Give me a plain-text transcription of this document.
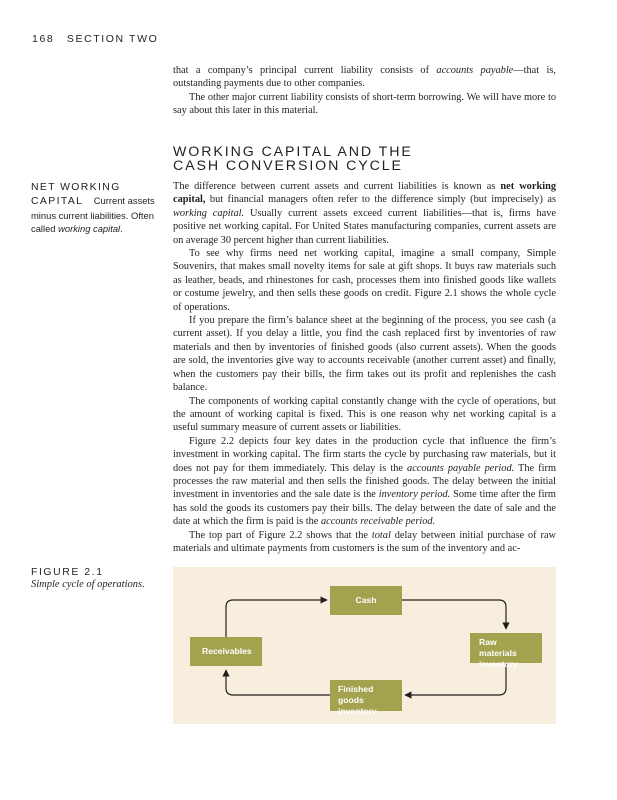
168 SECTION TWO

that a company’s principal current liability consists of accounts payable—that is, outstanding payments due to other companies.

The other major current liability consists of short-term borrowing. We will have more to say about this later in this material.

WORKING CAPITAL AND THE
CASH CONVERSION CYCLE
NET WORKING CAPITAL Current assets minus current liabilities. Often called working capital.

The difference between current assets and current liabilities is known as net working capital, but financial managers often refer to the difference simply (but imprecisely) as working capital. Usually current assets exceed current liabilities—that is, firms have positive net working capital. For United States manufacturing companies, current assets are on average 30 percent higher than current liabilities.

To see why firms need net working capital, imagine a small company, Simple Souvenirs, that makes small novelty items for sale at gift shops. It buys raw materials such as leather, beads, and rhinestones for cash, processes them into finished goods like wallets or costume jewelry, and then sells these goods on credit. Figure 2.1 shows the whole cycle of operations.

If you prepare the firm’s balance sheet at the beginning of the process, you see cash (a current asset). If you delay a little, you find the cash replaced first by inventories of raw materials and then by inventories of finished goods (also current assets). When the goods are sold, the inventories give way to accounts receivable (another current asset) and finally, when the customers pay their bills, the firm takes out its profit and replenishes the cash balance.

The components of working capital constantly change with the cycle of operations, but the amount of working capital is fixed. This is one reason why net working capital is a useful summary measure of current assets or liabilities.

Figure 2.2 depicts four key dates in the production cycle that influence the firm’s investment in working capital. The firm starts the cycle by purchasing raw materials, but it does not pay for them immediately. This delay is the accounts payable period. The firm processes the raw material and then sells the finished goods. The delay between the initial investment in inventories and the sale date is the inventory period. Some time after the firm has sold the goods its customers pay their bills. The delay between the date of sale and the date at which the firm is paid is the accounts receivable period.

The top part of Figure 2.2 shows that the total delay between initial purchase of raw materials and ultimate payments from customers is the sum of the inventory and ac-

FIGURE 2.1
Simple cycle of operations.
Cash
Raw materials
inventory
Finished goods
inventory
Receivables
